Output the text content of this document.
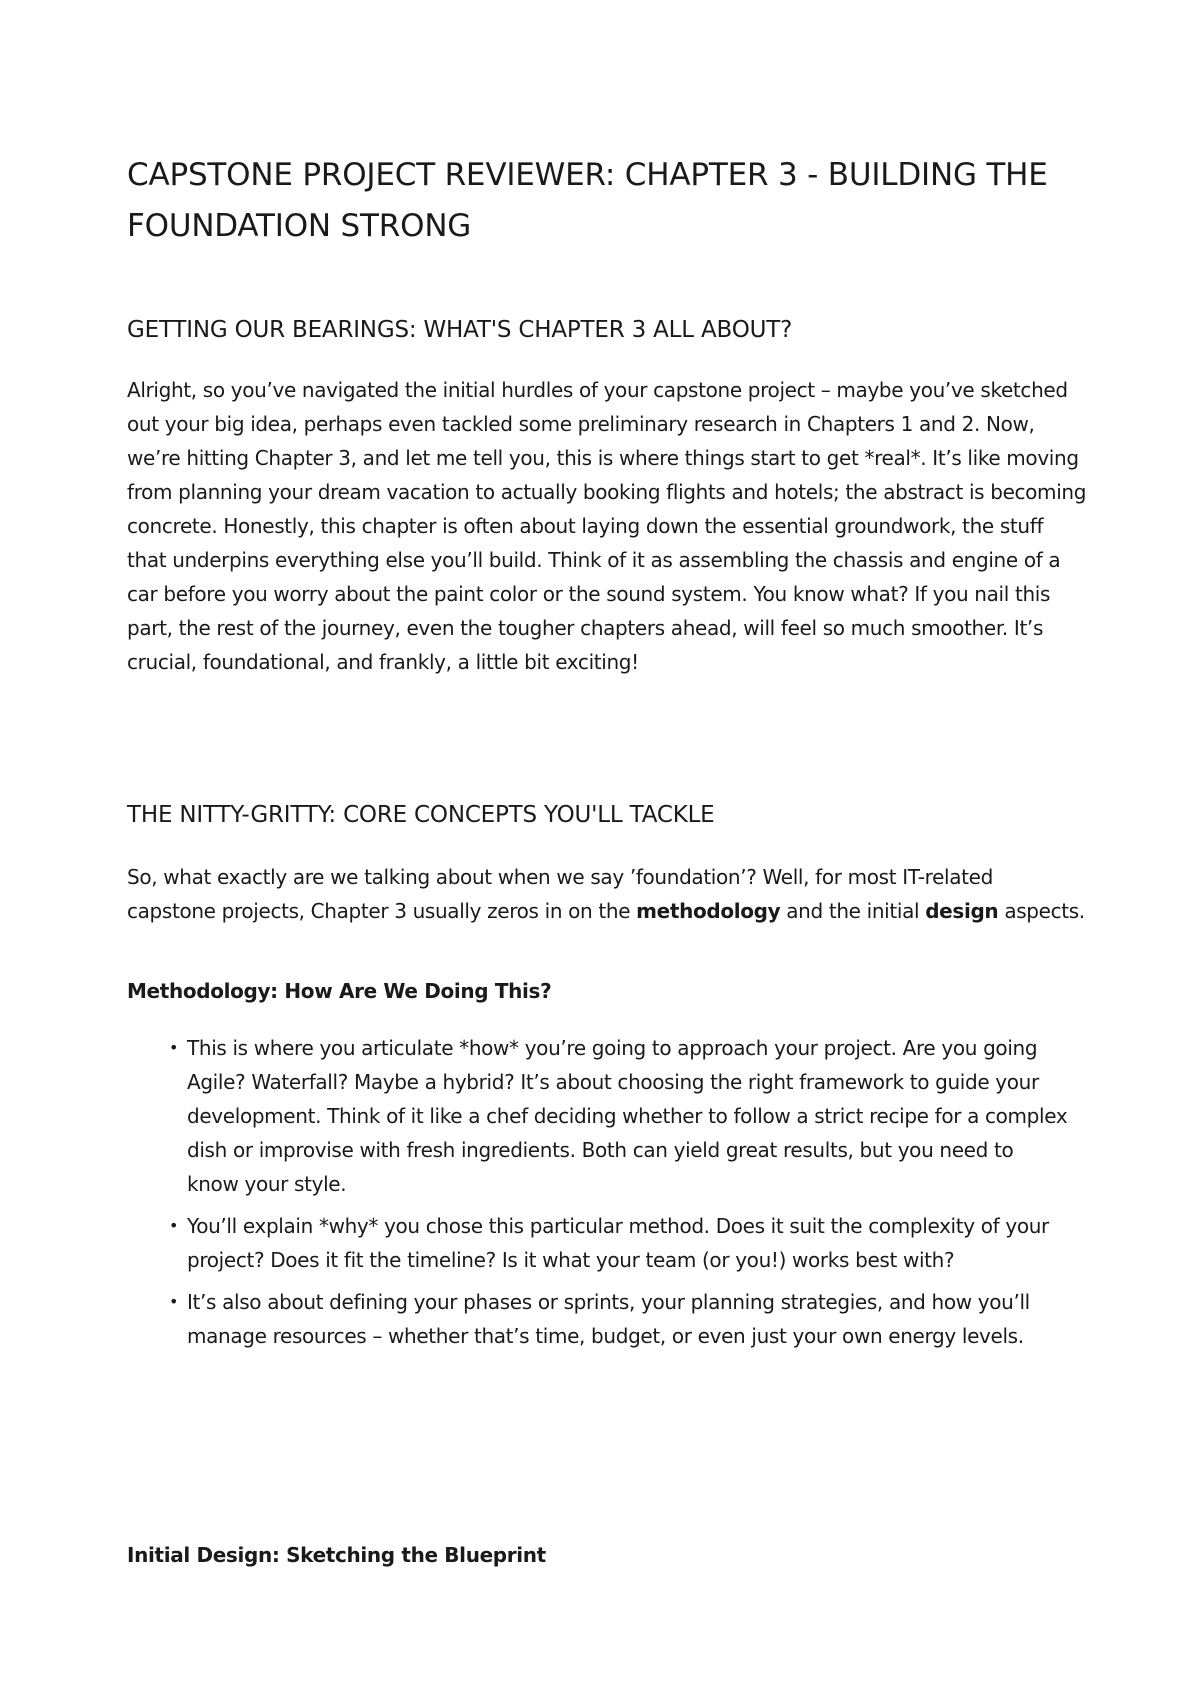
CAPSTONE PROJECT REVIEWER: CHAPTER 3 - BUILDING THE FOUNDATION STRONG
GETTING OUR BEARINGS: WHAT'S CHAPTER 3 ALL ABOUT?

Alright, so you’ve navigated the initial hurdles of your capstone project – maybe you’ve sketched out your big idea, perhaps even tackled some preliminary research in Chapters 1 and 2. Now, we’re hitting Chapter 3, and let me tell you, this is where things start to get *real*. It’s like moving from planning your dream vacation to actually booking flights and hotels; the abstract is becoming concrete. Honestly, this chapter is often about laying down the essential groundwork, the stuff that underpins everything else you’ll build. Think of it as assembling the chassis and engine of a car before you worry about the paint color or the sound system. You know what? If you nail this part, the rest of the journey, even the tougher chapters ahead, will feel so much smoother. It’s crucial, foundational, and frankly, a little bit exciting!

THE NITTY-GRITTY: CORE CONCEPTS YOU'LL TACKLE

So, what exactly are we talking about when we say ’foundation’? Well, for most IT-related capstone projects, Chapter 3 usually zeros in on the methodology and the initial design aspects.

Methodology: How Are We Doing This?
• This is where you articulate *how* you’re going to approach your project. Are you going Agile? Waterfall? Maybe a hybrid? It’s about choosing the right framework to guide your development. Think of it like a chef deciding whether to follow a strict recipe for a complex dish or improvise with fresh ingredients. Both can yield great results, but you need to know your style.
• You’ll explain *why* you chose this particular method. Does it suit the complexity of your project? Does it fit the timeline? Is it what your team (or you!) works best with?
• It’s also about defining your phases or sprints, your planning strategies, and how you’ll manage resources – whether that’s time, budget, or even just your own energy levels.
Initial Design: Sketching the Blueprint
